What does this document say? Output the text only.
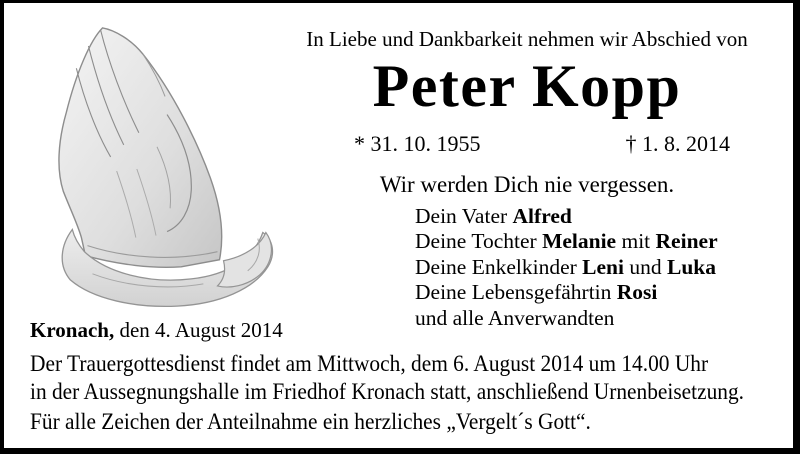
In Liebe und Dankbarkeit nehmen wir Abschied von
Peter Kopp
* 31. 10. 1955	† 1. 8. 2014
Wir werden Dich nie vergessen.
Dein Vater Alfred
Deine Tochter Melanie mit Reiner
Deine Enkelkinder Leni und Luka
Deine Lebensgefährtin Rosi
und alle Anverwandten
Kronach, den 4. August 2014
Der Trauergottesdienst findet am Mittwoch, dem 6. August 2014 um 14.00 Uhr
in der Aussegnungshalle im Friedhof Kronach statt, anschließend Urnenbeisetzung.
Für alle Zeichen der Anteilnahme ein herzliches „Vergelt´s Gott“.
